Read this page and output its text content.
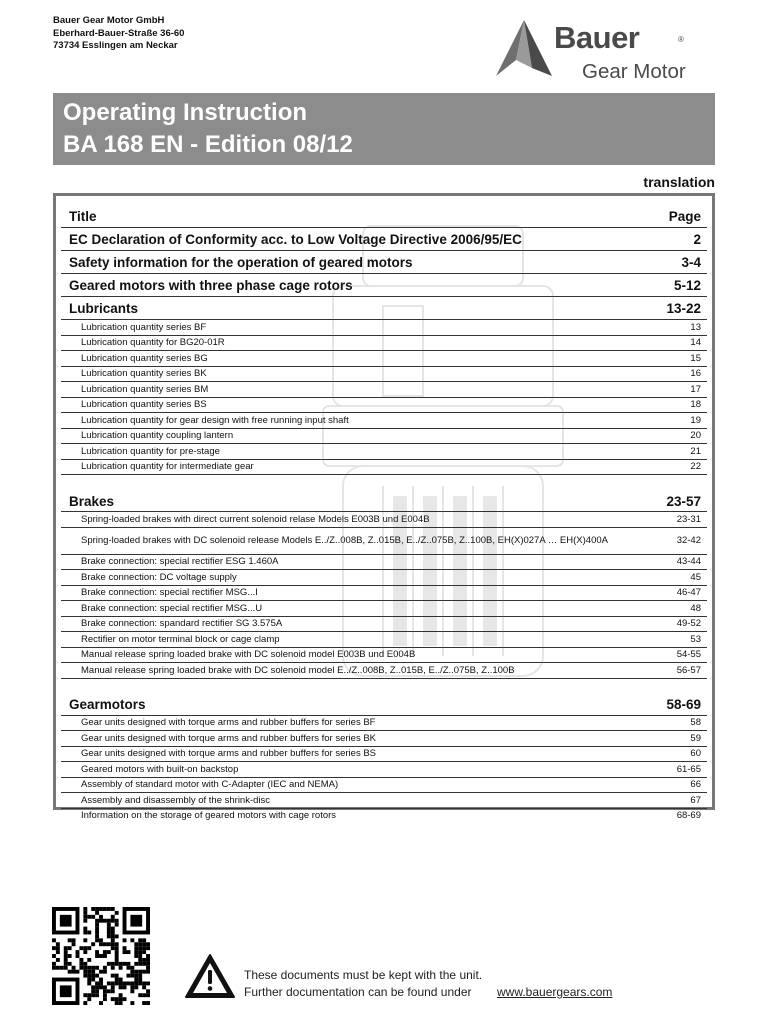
Bauer Gear Motor GmbH
Eberhard-Bauer-Straße 36-60
73734 Esslingen am Neckar	Bauer	®
Gear Motor
Operating Instruction
BA 168 EN - Edition 08/12
translation
Title	Page
EC Declaration of Conformity acc. to Low Voltage Directive 2006/95/EC	2
Safety information for the operation of geared motors	3-4
Geared motors with three phase cage rotors	5-12
Lubricants	13-22
Lubrication quantity series BF	13
Lubrication quantity for BG20-01R	14
Lubrication quantity series BG	15
Lubrication quantity series BK	16
Lubrication quantity series BM	17
Lubrication quantity series BS	18
Lubrication quantity for gear design with free running input shaft	19
Lubrication quantity coupling lantern	20
Lubrication quantity for pre-stage	21
Lubrication quantity for intermediate gear	22
Brakes	23-57
Spring-loaded brakes with direct current solenoid relase Models E003B und E004B	23-31
Spring-loaded brakes with DC solenoid release Models E../Z..008B, Z..015B, E../Z..075B, Z..100B, EH(X)027A … EH(X)400A	32-42
Brake connection: special rectifier ESG 1.460A	43-44
Brake connection: DC voltage supply	45
Brake connection: special rectifier MSG...I	46-47
Brake connection: special rectifier MSG...U	48
Brake connection: spandard rectifier SG 3.575A	49-52
Rectifier on motor terminal block or cage clamp	53
Manual release spring loaded brake with DC solenoid model E003B und E004B	54-55
Manual release spring loaded brake with DC solenoid model E../Z..008B, Z..015B, E../Z..075B, Z..100B	56-57
Gearmotors	58-69
Gear units designed with torque arms and rubber buffers for series BF	58
Gear units designed with torque arms and rubber buffers for series BK	59
Gear units designed with torque arms and rubber buffers for series BS	60
Geared motors with built-on backstop	61-65
Assembly of standard motor with C-Adapter (IEC and NEMA)	66
Assembly and disassembly of the shrink-disc	67
Information on the storage of geared motors with cage rotors	68-69
These documents must be kept with the unit.
Further documentation can be found under	www.bauergears.com
